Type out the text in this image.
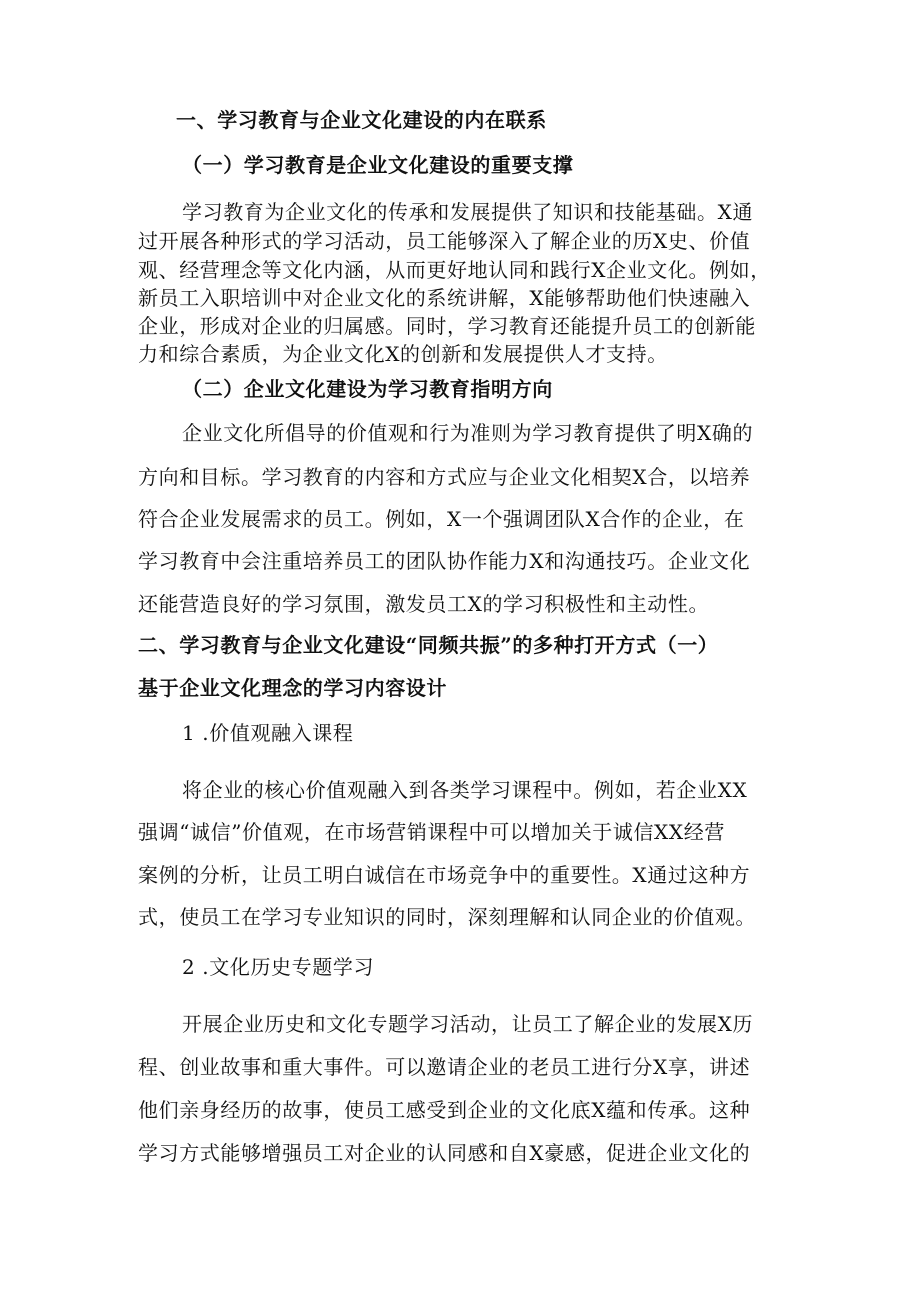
一、学习教育与企业文化建设的内在联系
（一）学习教育是企业文化建设的重要支撑
学习教育为企业文化的传承和发展提供了知识和技能基础。X通
过开展各种形式的学习活动，员工能够深入了解企业的历X史、价值
观、经营理念等文化内涵，从而更好地认同和践行X企业文化。例如，
新员工入职培训中对企业文化的系统讲解，X能够帮助他们快速融入
企业，形成对企业的归属感。同时，学习教育还能提升员工的创新能
力和综合素质，为企业文化X的创新和发展提供人才支持。
（二）企业文化建设为学习教育指明方向
企业文化所倡导的价值观和行为准则为学习教育提供了明X确的
方向和目标。学习教育的内容和方式应与企业文化相契X合，以培养
符合企业发展需求的员工。例如，X一个强调团队X合作的企业，在
学习教育中会注重培养员工的团队协作能力X和沟通技巧。企业文化
还能营造良好的学习氛围，激发员工X的学习积极性和主动性。
二、学习教育与企业文化建设“同频共振”的多种打开方式（一）
基于企业文化理念的学习内容设计
1 .价值观融入课程
将企业的核心价值观融入到各类学习课程中。例如，若企业XX
强调“诚信”价值观，在市场营销课程中可以增加关于诚信XX经营
案例的分析，让员工明白诚信在市场竞争中的重要性。X通过这种方
式，使员工在学习专业知识的同时，深刻理解和认同企业的价值观。
2 .文化历史专题学习
开展企业历史和文化专题学习活动，让员工了解企业的发展X历
程、创业故事和重大事件。可以邀请企业的老员工进行分X享，讲述
他们亲身经历的故事，使员工感受到企业的文化底X蕴和传承。这种
学习方式能够增强员工对企业的认同感和自X豪感，促进企业文化的
